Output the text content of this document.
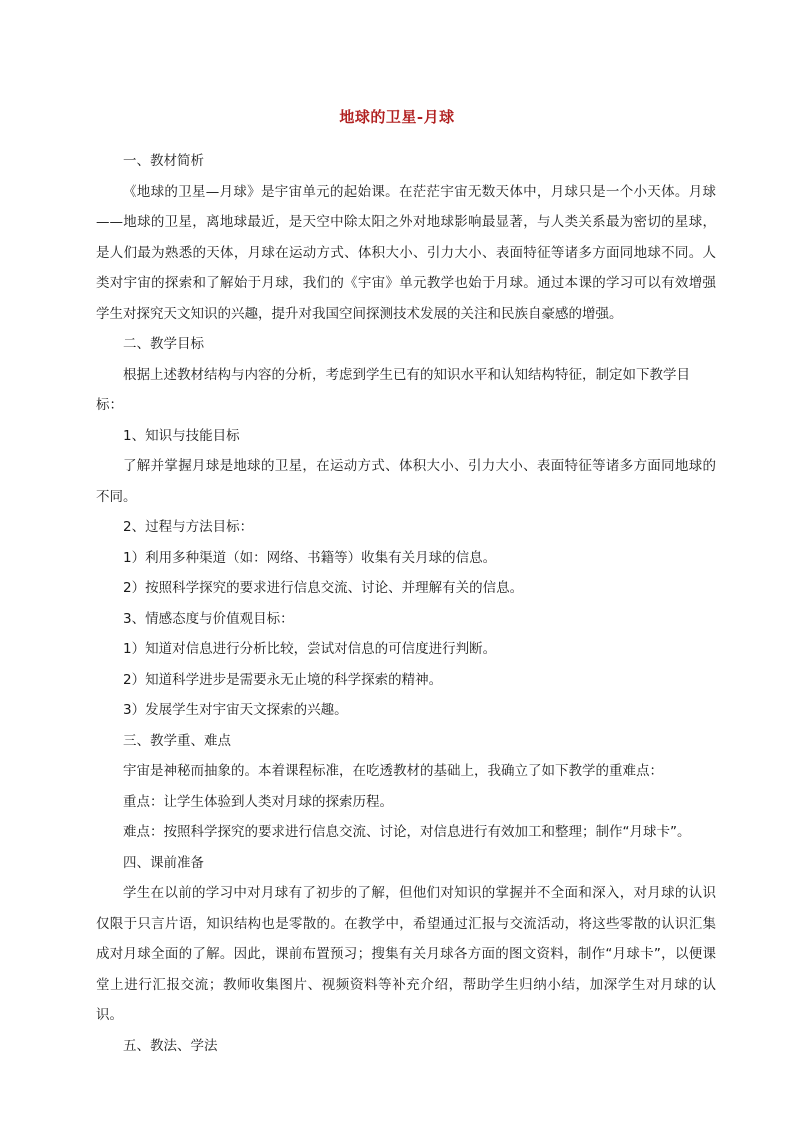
地球的卫星-月球

一、教材简析

《地球的卫星—月球》是宇宙单元的起始课。在茫茫宇宙无数天体中，月球只是一个小天体。月球——地球的卫星，离地球最近，是天空中除太阳之外对地球影响最显著，与人类关系最为密切的星球，是人们最为熟悉的天体，月球在运动方式、体积大小、引力大小、表面特征等诸多方面同地球不同。人类对宇宙的探索和了解始于月球，我们的《宇宙》单元教学也始于月球。通过本课的学习可以有效增强学生对探究天文知识的兴趣，提升对我国空间探测技术发展的关注和民族自豪感的增强。

二、教学目标

根据上述教材结构与内容的分析，考虑到学生已有的知识水平和认知结构特征，制定如下教学目标：

1、知识与技能目标

了解并掌握月球是地球的卫星，在运动方式、体积大小、引力大小、表面特征等诸多方面同地球的不同。

2、过程与方法目标：

1）利用多种渠道（如：网络、书籍等）收集有关月球的信息。

2）按照科学探究的要求进行信息交流、讨论、并理解有关的信息。

3、情感态度与价值观目标：

1）知道对信息进行分析比较，尝试对信息的可信度进行判断。

2）知道科学进步是需要永无止境的科学探索的精神。

3）发展学生对宇宙天文探索的兴趣。

三、教学重、难点

宇宙是神秘而抽象的。本着课程标准，在吃透教材的基础上，我确立了如下教学的重难点：

重点：让学生体验到人类对月球的探索历程。

难点：按照科学探究的要求进行信息交流、讨论，对信息进行有效加工和整理；制作“月球卡”。

四、课前准备

学生在以前的学习中对月球有了初步的了解，但他们对知识的掌握并不全面和深入，对月球的认识仅限于只言片语，知识结构也是零散的。在教学中，希望通过汇报与交流活动，将这些零散的认识汇集成对月球全面的了解。因此，课前布置预习；搜集有关月球各方面的图文资料，制作“月球卡”，以便课堂上进行汇报交流；教师收集图片、视频资料等补充介绍，帮助学生归纳小结，加深学生对月球的认识。

五、教法、学法
